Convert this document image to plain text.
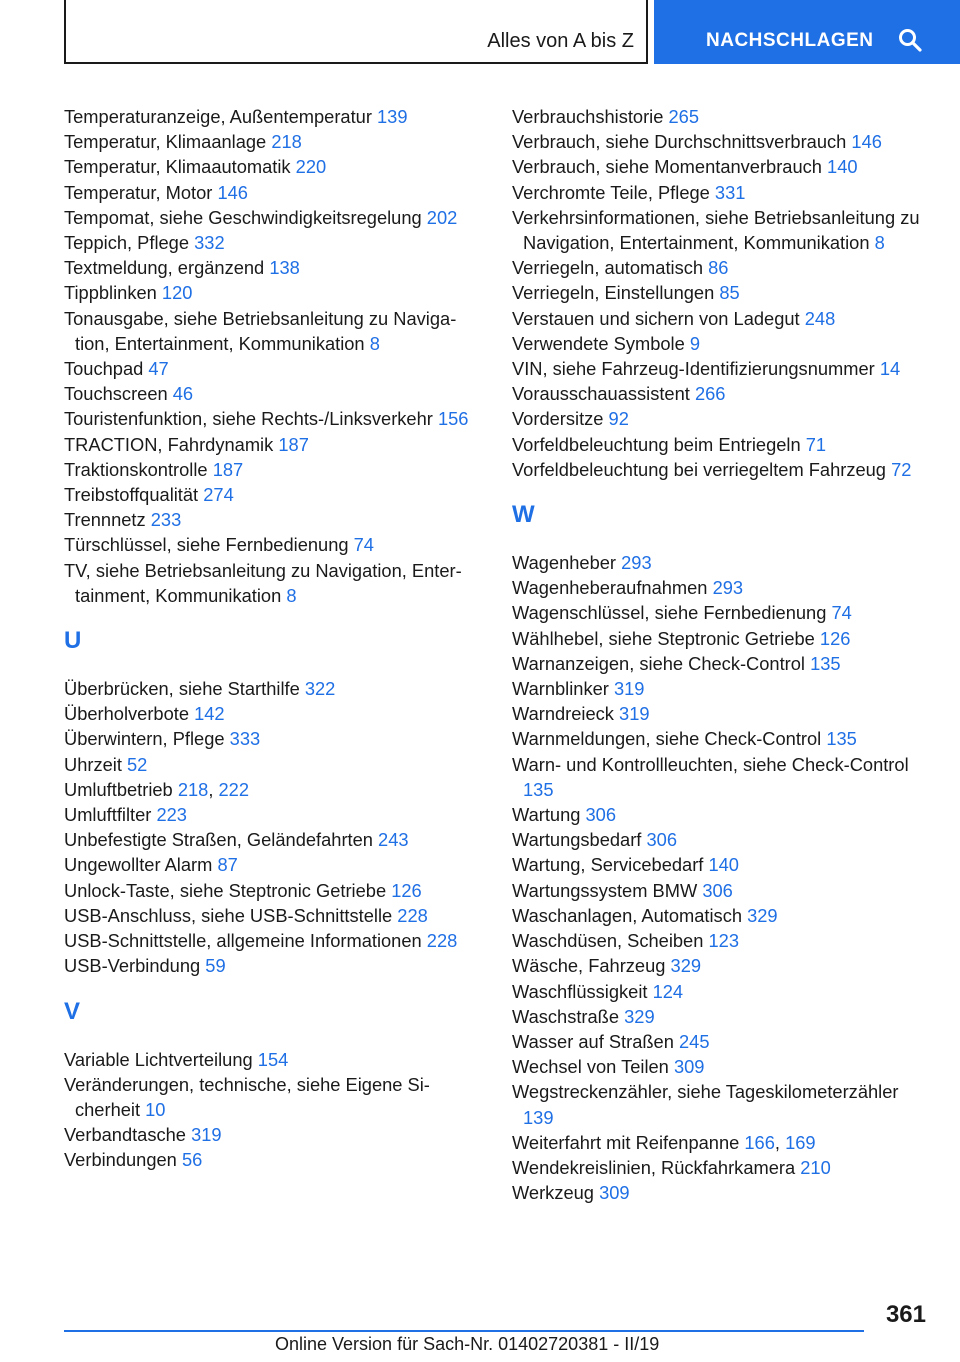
Alles von A bis Z	NACHSCHLAGEN
Temperaturanzeige, Außentemperatur 139
Temperatur, Klimaanlage 218
Temperatur, Klimaautomatik 220
Temperatur, Motor 146
Tempomat, siehe Geschwindigkeitsregelung 202
Teppich, Pflege 332
Textmeldung, ergänzend 138
Tippblinken 120
Tonausgabe, siehe Betriebsanleitung zu Navigation, Entertainment, Kommunikation 8
Touchpad 47
Touchscreen 46
Touristenfunktion, siehe Rechts-/Linksverkehr 156
TRACTION, Fahrdynamik 187
Traktionskontrolle 187
Treibstoffqualität 274
Trennnetz 233
Türschlüssel, siehe Fernbedienung 74
TV, siehe Betriebsanleitung zu Navigation, Entertainment, Kommunikation 8
U
Überbrücken, siehe Starthilfe 322
Überholverbote 142
Überwintern, Pflege 333
Uhrzeit 52
Umluftbetrieb 218, 222
Umluftfilter 223
Unbefestigte Straßen, Geländefahrten 243
Ungewollter Alarm 87
Unlock-Taste, siehe Steptronic Getriebe 126
USB-Anschluss, siehe USB-Schnittstelle 228
USB-Schnittstelle, allgemeine Informationen 228
USB-Verbindung 59
V
Variable Lichtverteilung 154
Veränderungen, technische, siehe Eigene Sicherheit 10
Verbandtasche 319
Verbindungen 56
Verbrauchshistorie 265
Verbrauch, siehe Durchschnittsverbrauch 146
Verbrauch, siehe Momentanverbrauch 140
Verchromte Teile, Pflege 331
Verkehrsinformationen, siehe Betriebsanleitung zu Navigation, Entertainment, Kommunikation 8
Verriegeln, automatisch 86
Verriegeln, Einstellungen 85
Verstauen und sichern von Ladegut 248
Verwendete Symbole 9
VIN, siehe Fahrzeug-Identifizierungsnummer 14
Vorausschauassistent 266
Vordersitze 92
Vorfeldbeleuchtung beim Entriegeln 71
Vorfeldbeleuchtung bei verriegeltem Fahrzeug 72
W
Wagenheber 293
Wagenheberaufnahmen 293
Wagenschlüssel, siehe Fernbedienung 74
Wählhebel, siehe Steptronic Getriebe 126
Warnanzeigen, siehe Check-Control 135
Warnblinker 319
Warndreieck 319
Warnmeldungen, siehe Check-Control 135
Warn- und Kontrollleuchten, siehe Check-Control 135
Wartung 306
Wartungsbedarf 306
Wartung, Servicebedarf 140
Wartungssystem BMW 306
Waschanlagen, Automatisch 329
Waschdüsen, Scheiben 123
Wäsche, Fahrzeug 329
Waschflüssigkeit 124
Waschstraße 329
Wasser auf Straßen 245
Wechsel von Teilen 309
Wegstreckenzähler, siehe Tageskilometerzähler 139
Weiterfahrt mit Reifenpanne 166, 169
Wendekreislinien, Rückfahrkamera 210
Werkzeug 309
361
Online Version für Sach-Nr. 01402720381 - II/19
